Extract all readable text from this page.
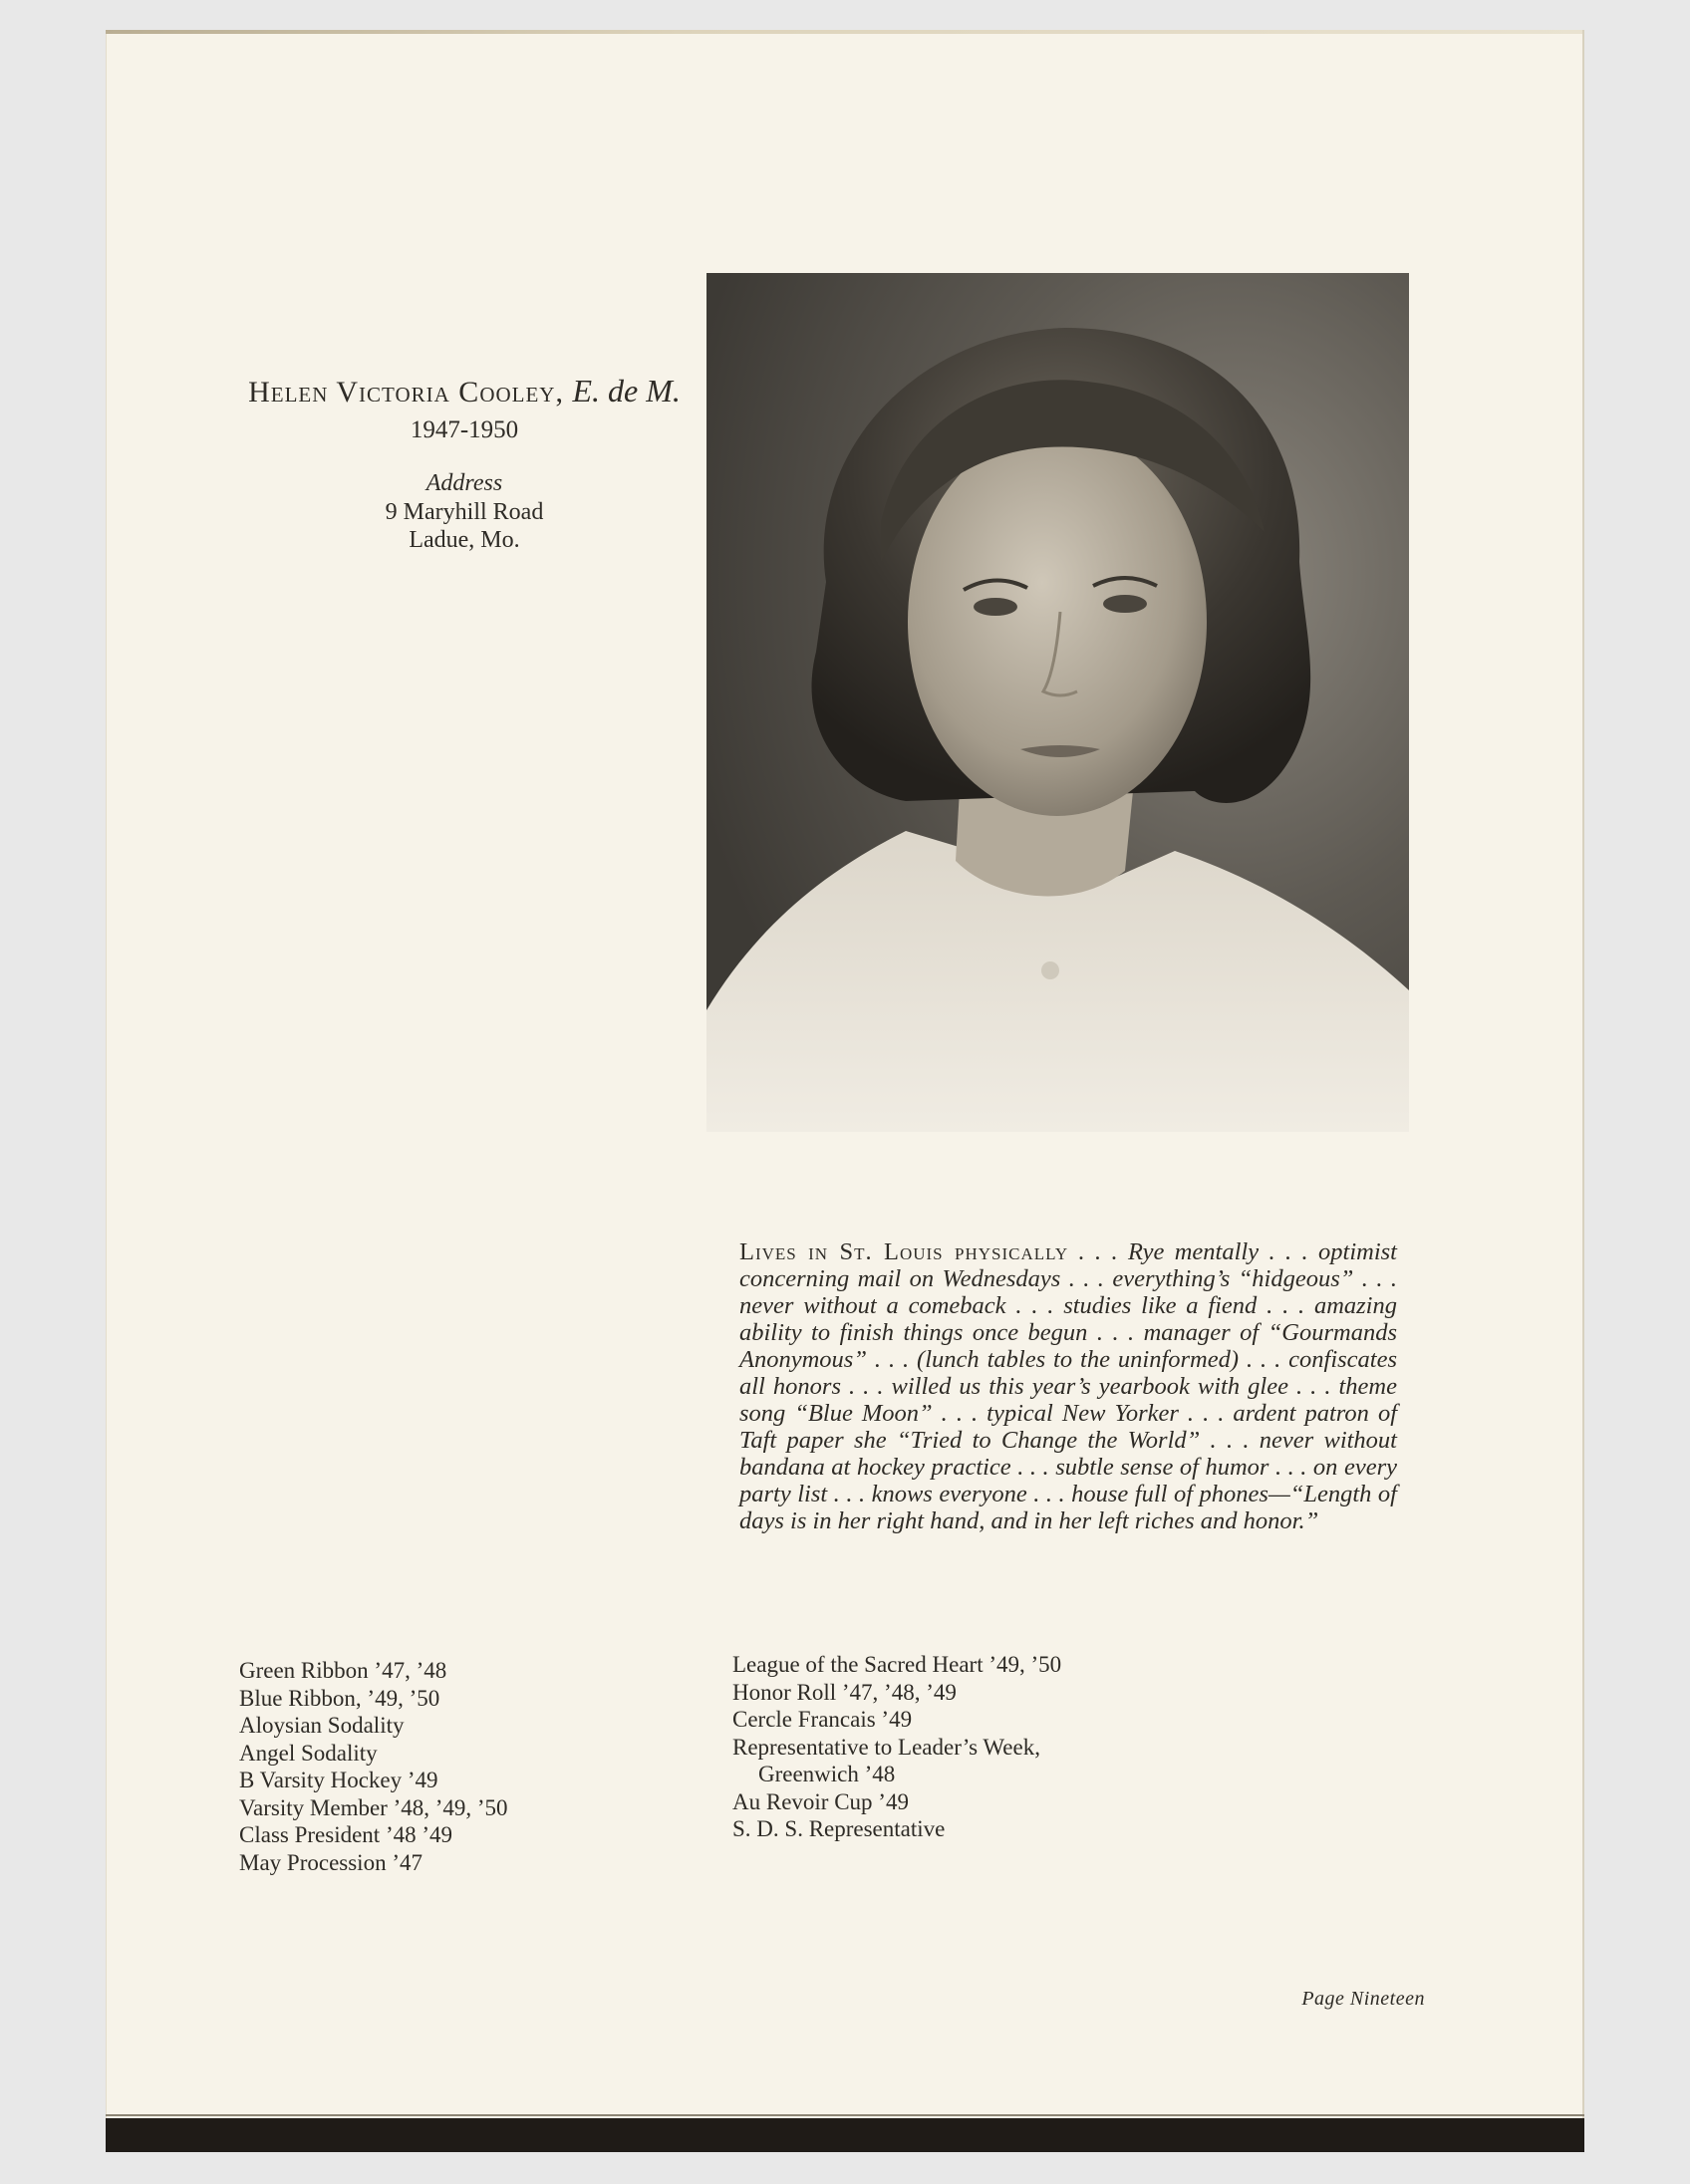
Helen Victoria Cooley, E. de M.
1947-1950
Address
9 Maryhill Road
Ladue, Mo.

Lives in St. Louis physically . . . Rye mentally . . . optimist concerning mail on Wednesdays . . . everything’s “hidgeous” . . . never without a comeback . . . studies like a fiend . . . amazing ability to finish things once begun . . . manager of “Gourmands Anonymous” . . . (lunch tables to the uninformed) . . . confiscates all honors . . . willed us this year’s yearbook with glee . . . theme song “Blue Moon” . . . typical New Yorker . . . ardent patron of Taft paper she “Tried to Change the World” . . . never without bandana at hockey practice . . . subtle sense of humor . . . on every party list . . . knows everyone . . . house full of phones—“Length of days is in her right hand, and in her left riches and honor.”

Green Ribbon ’47, ’48
Blue Ribbon, ’49, ’50
Aloysian Sodality
Angel Sodality
B Varsity Hockey ’49
Varsity Member ’48, ’49, ’50
Class President ’48 ’49
May Procession ’47
League of the Sacred Heart ’49, ’50
Honor Roll ’47, ’48, ’49
Cercle Francais ’49
Representative to Leader’s Week,
Greenwich ’48
Au Revoir Cup ’49
S. D. S. Representative
Page Nineteen
